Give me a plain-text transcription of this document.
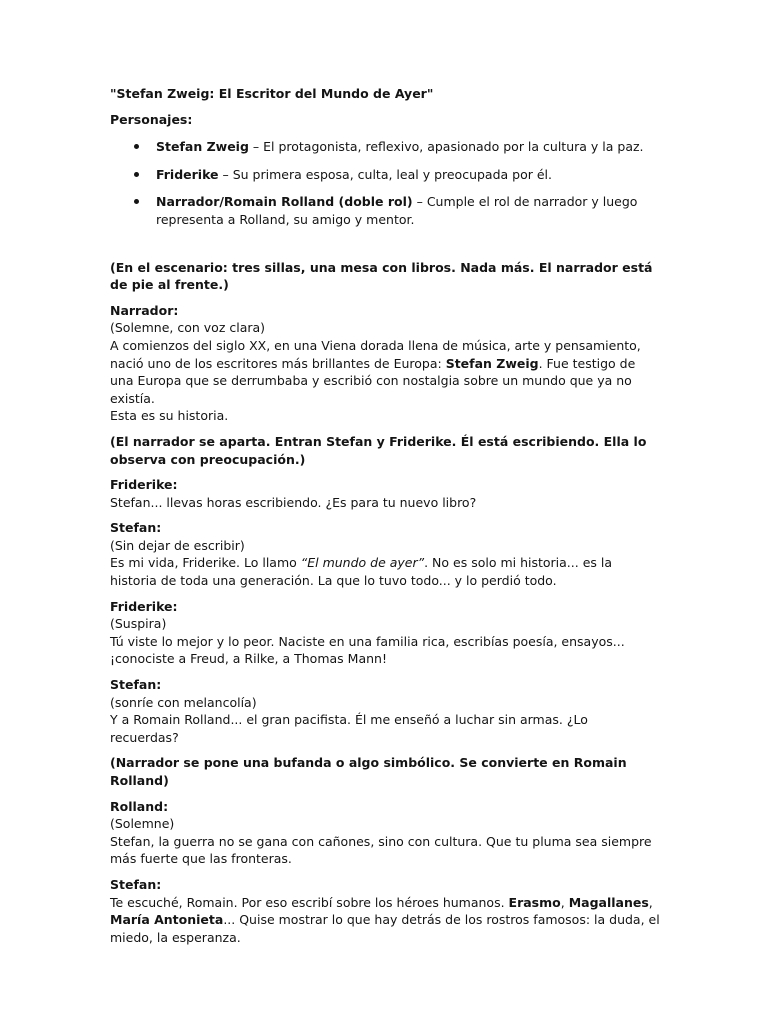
"Stefan Zweig: El Escritor del Mundo de Ayer"
Personajes:
Stefan Zweig – El protagonista, reflexivo, apasionado por la cultura y la paz.
Friderike – Su primera esposa, culta, leal y preocupada por él.
Narrador/Romain Rolland (doble rol) – Cumple el rol de narrador y luego representa a Rolland, su amigo y mentor.
(En el escenario: tres sillas, una mesa con libros. Nada más. El narrador está de pie al frente.)
Narrador:
(Solemne, con voz clara)
A comienzos del siglo XX, en una Viena dorada llena de música, arte y pensamiento, nació uno de los escritores más brillantes de Europa: Stefan Zweig. Fue testigo de una Europa que se derrumbaba y escribió con nostalgia sobre un mundo que ya no existía.
Esta es su historia.
(El narrador se aparta. Entran Stefan y Friderike. Él está escribiendo. Ella lo observa con preocupación.)
Friderike:
Stefan... llevas horas escribiendo. ¿Es para tu nuevo libro?
Stefan:
(Sin dejar de escribir)
Es mi vida, Friderike. Lo llamo “El mundo de ayer”. No es solo mi historia... es la historia de toda una generación. La que lo tuvo todo... y lo perdió todo.
Friderike:
(Suspira)
Tú viste lo mejor y lo peor. Naciste en una familia rica, escribías poesía, ensayos... ¡conociste a Freud, a Rilke, a Thomas Mann!
Stefan:
(sonríe con melancolía)
Y a Romain Rolland... el gran pacifista. Él me enseñó a luchar sin armas. ¿Lo recuerdas?
(Narrador se pone una bufanda o algo simbólico. Se convierte en Romain Rolland)
Rolland:
(Solemne)
Stefan, la guerra no se gana con cañones, sino con cultura. Que tu pluma sea siempre más fuerte que las fronteras.
Stefan:
Te escuché, Romain. Por eso escribí sobre los héroes humanos. Erasmo, Magallanes, María Antonieta... Quise mostrar lo que hay detrás de los rostros famosos: la duda, el miedo, la esperanza.
